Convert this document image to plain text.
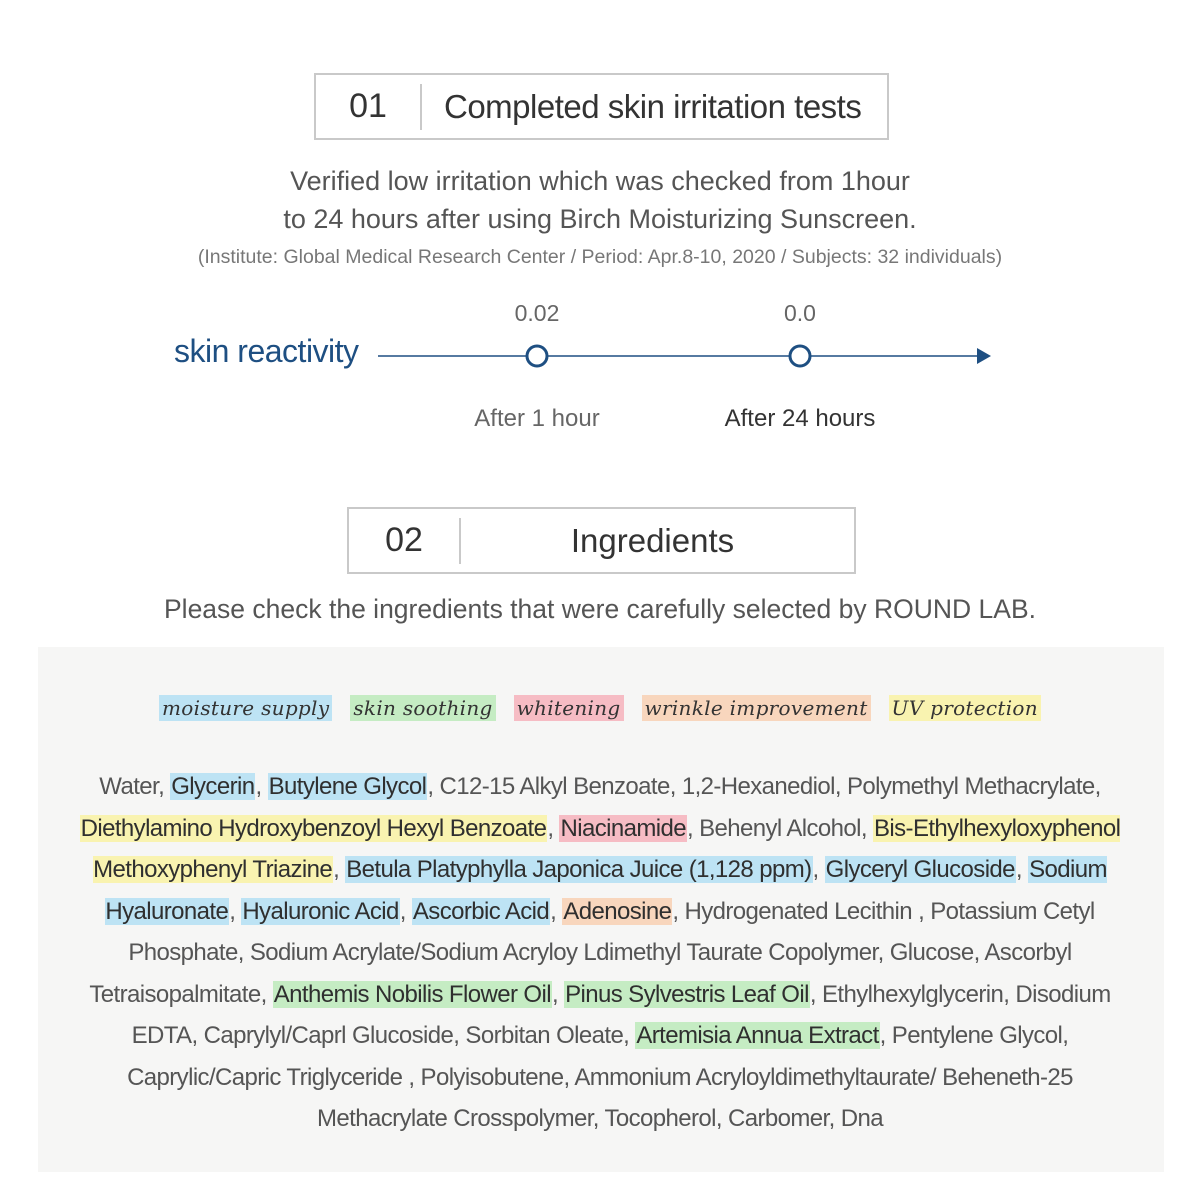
01	Completed skin irritation tests
Verified low irritation which was checked from 1hour
to 24 hours after using Birch Moisturizing Sunscreen.
(Institute: Global Medical Research Center / Period: Apr.8-10, 2020 / Subjects: 32 individuals)
skin reactivity
0.02	0.0
After 1 hour	After 24 hours
02	Ingredients
Please check the ingredients that were carefully selected by ROUND LAB.
moisture supply skin soothing whitening wrinkle improvement UV protection
Water, Glycerin, Butylene Glycol, C12-15 Alkyl Benzoate, 1,2-Hexanediol, Polymethyl Methacrylate, Diethylamino Hydroxybenzoyl Hexyl Benzoate, Niacinamide, Behenyl Alcohol, Bis-Ethylhexyloxyphenol Methoxyphenyl Triazine, Betula Platyphylla Japonica Juice (1,128 ppm), Glyceryl Glucoside, Sodium Hyaluronate, Hyaluronic Acid, Ascorbic Acid, Adenosine, Hydrogenated Lecithin , Potassium Cetyl Phosphate, Sodium Acrylate/Sodium Acryloy Ldimethyl Taurate Copolymer, Glucose, Ascorbyl Tetraisopalmitate, Anthemis Nobilis Flower Oil, Pinus Sylvestris Leaf Oil, Ethylhexylglycerin, Disodium EDTA, Caprylyl/Caprl Glucoside, Sorbitan Oleate, Artemisia Annua Extract, Pentylene Glycol, Caprylic/Capric Triglyceride , Polyisobutene, Ammonium Acryloyldimethyltaurate/ Beheneth-25 Methacrylate Crosspolymer, Tocopherol, Carbomer, Dna
